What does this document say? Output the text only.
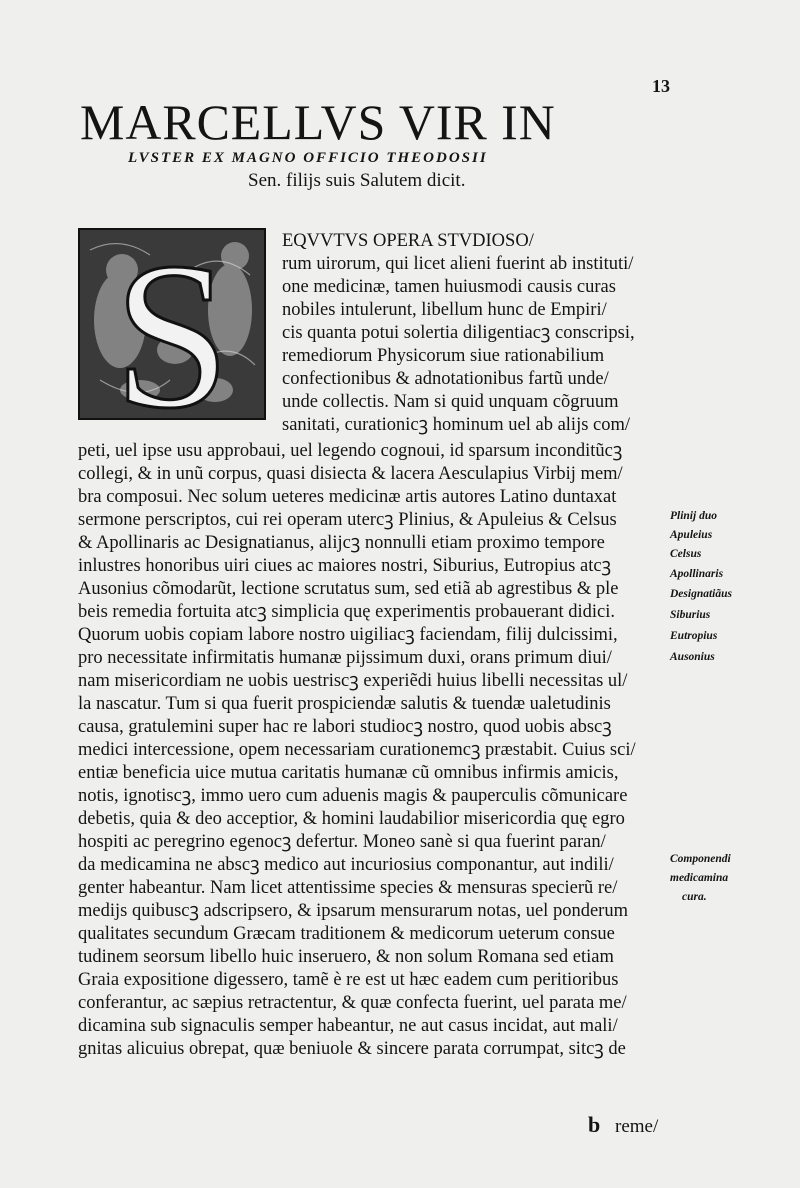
13
MARCELLVS VIR IN
LVSTER EX MAGNO OFFICIO THEODOSII
Sen. filijs suis Salutem dicit.
S	EQVVTVS OPERA STVDIOSO/
rum uirorum, qui licet alieni fuerint ab instituti/
one medicinæ, tamen huiusmodi causis curas
nobiles intulerunt, libellum hunc de Empiri/
cis quanta potui solertia diligentiacꝫ conscripsi,
remediorum Physicorum siue rationabilium
confectionibus & adnotationibus fartũ unde/
unde collectis. Nam si quid unquam cõgruum
sanitati, curationicꝫ hominum uel ab alijs com/
peti, uel ipse usu approbaui, uel legendo cognoui, id sparsum inconditũcꝫ
collegi, & in unũ corpus, quasi disiecta & lacera Aesculapius Virbij mem/
bra composui. Nec solum ueteres medicinæ artis autores Latino duntaxat
sermone perscriptos, cui rei operam utercꝫ Plinius, & Apuleius & Celsus
& Apollinaris ac Designatianus, alijcꝫ nonnulli etiam proximo tempore
inlustres honoribus uiri ciues ac maiores nostri, Siburius, Eutropius atcꝫ
Ausonius cõmodarũt, lectione scrutatus sum, sed etiã ab agrestibus & ple
beis remedia fortuita atcꝫ simplicia quę experimentis probauerant didici.
Quorum uobis copiam labore nostro uigiliacꝫ faciendam, filij dulcissimi,
pro necessitate infirmitatis humanæ pijssimum duxi, orans primum diui/
nam misericordiam ne uobis uestriscꝫ experiẽdi huius libelli necessitas ul/
la nascatur. Tum si qua fuerit prospiciendæ salutis & tuendæ ualetudinis
causa, gratulemini super hac re labori studiocꝫ nostro, quod uobis abscꝫ
medici intercessione, opem necessariam curationemcꝫ præstabit. Cuius sci/
entiæ beneficia uice mutua caritatis humanæ cũ omnibus infirmis amicis,
notis, ignotiscꝫ, immo uero cum aduenis magis & pauperculis cõmunicare
debetis, quia & deo acceptior, & homini laudabilior misericordia quę egro
hospiti ac peregrino egenocꝫ defertur. Moneo sanè si qua fuerint paran/
da medicamina ne abscꝫ medico aut incuriosius componantur, aut indili/
genter habeantur. Nam licet attentissime species & mensuras specierũ re/
medijs quibuscꝫ adscripsero, & ipsarum mensurarum notas, uel ponderum
qualitates secundum Græcam traditionem & medicorum ueterum consue
tudinem seorsum libello huic inseruero, & non solum Romana sed etiam
Graia expositione digessero, tamẽ è re est ut hæc eadem cum peritioribus
conferantur, ac sæpius retractentur, & quæ confecta fuerint, uel parata me/
dicamina sub signaculis semper habeantur, ne aut casus incidat, aut mali/
gnitas alicuius obrepat, quæ beniuole & sincere parata corrumpat, sitcꝫ de
Plinij duo
Apuleius
Celsus
Apollinaris
Designatiãus
Siburius
Eutropius
Ausonius
Componendi
medicamina
cura.
b reme/
